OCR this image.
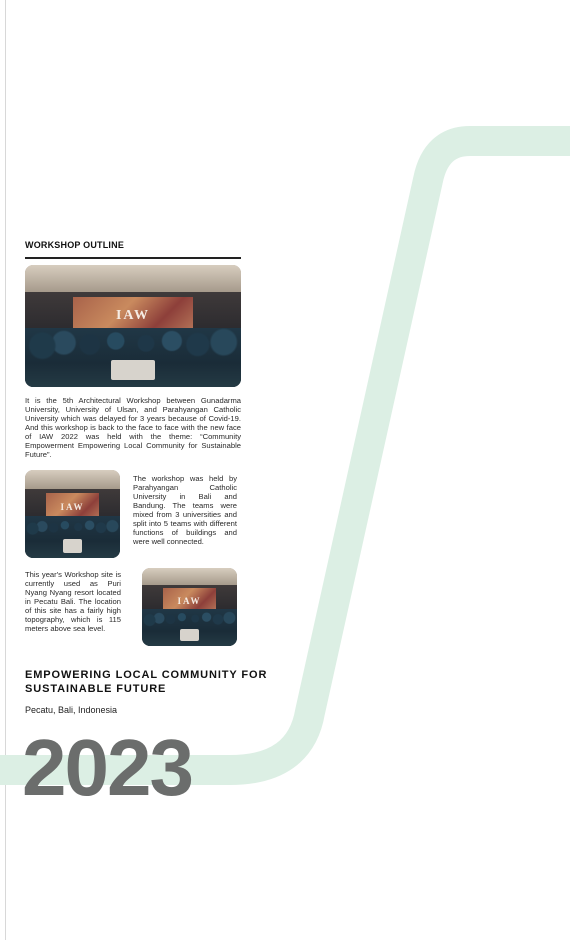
WORKSHOP OUTLINE
IAW

It is the 5th Architectural Workshop between Gunadarma University, University of Ulsan, and Parahyangan Catholic University which was delayed for 3 years because of Covid-19. And this workshop is back to the face to face with the new face of IAW 2022 was held with the theme: “Community Empowerment Empowering Local Community for Sustainable Future”.

IAW

The workshop was held by Parahyangan Catholic University in Bali and Bandung. The teams were mixed from 3 universities and split into 5 teams with different functions of buildings and were well connected.

This year's Workshop site is currently used as Puri Nyang Nyang resort located in Pecatu Bali. The location of this site has a fairly high topography, which is 115 meters above sea level.

IAW
EMPOWERING LOCAL COMMUNITY FOR SUSTAINABLE FUTURE
Pecatu, Bali, Indonesia
2023
